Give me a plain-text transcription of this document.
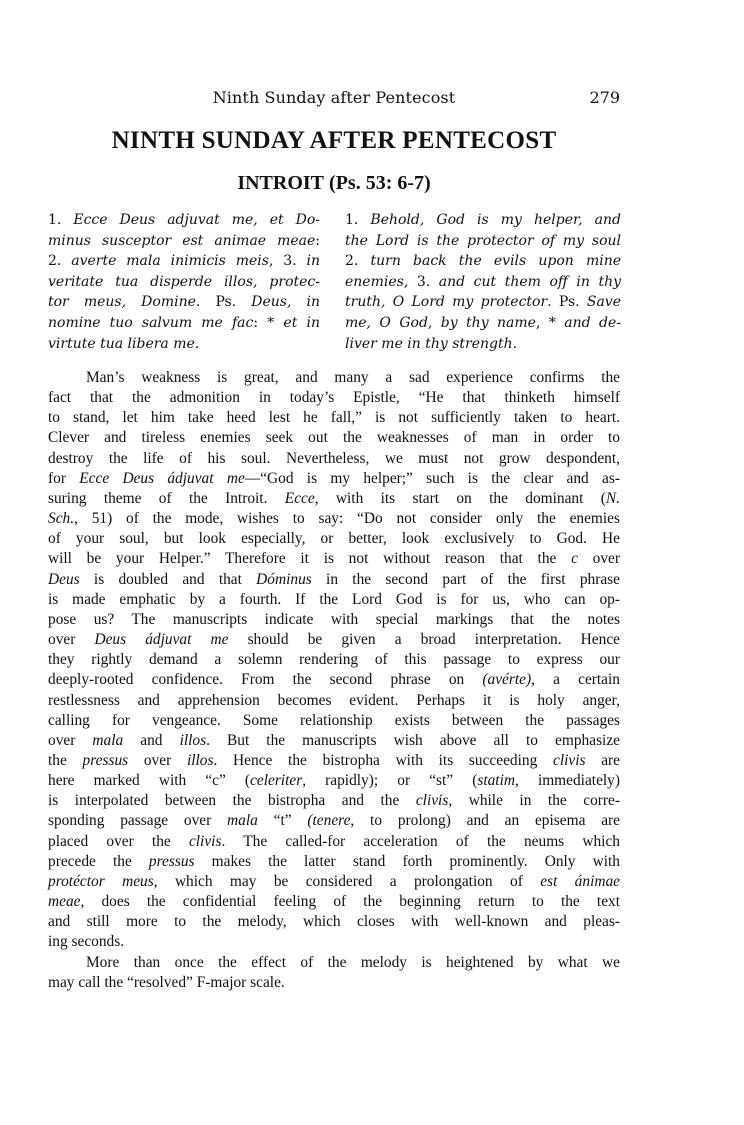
Ninth Sunday after Pentecost	279
NINTH SUNDAY AFTER PENTECOST
INTROIT (Ps. 53: 6-7)
1. Ecce Deus adjuvat me, et Do-
minus susceptor est animae meae:
2. averte mala inimicis meis, 3. in
veritate tua disperde illos, protec-
tor meus, Domine. Ps. Deus, in
nomine tuo salvum me fac: * et in
virtute tua libera me.
1. Behold, God is my helper, and
the Lord is the protector of my soul
2. turn back the evils upon mine
enemies, 3. and cut them off in thy
truth, O Lord my protector. Ps. Save
me, O God, by thy name, * and de-
liver me in thy strength.
Man’s weakness is great, and many a sad experience confirms the
fact that the admonition in today’s Epistle, “He that thinketh himself
to stand, let him take heed lest he fall,” is not sufficiently taken to heart.
Clever and tireless enemies seek out the weaknesses of man in order to
destroy the life of his soul. Nevertheless, we must not grow despondent,
for Ecce Deus ádjuvat me—“God is my helper;” such is the clear and as-
suring theme of the Introit. Ecce, with its start on the dominant (N.
Sch., 51) of the mode, wishes to say: “Do not consider only the enemies
of your soul, but look especially, or better, look exclusively to God. He
will be your Helper.” Therefore it is not without reason that the c over
Deus is doubled and that Dóminus in the second part of the first phrase
is made emphatic by a fourth. If the Lord God is for us, who can op-
pose us? The manuscripts indicate with special markings that the notes
over Deus ádjuvat me should be given a broad interpretation. Hence
they rightly demand a solemn rendering of this passage to express our
deeply-rooted confidence. From the second phrase on (avérte), a certain
restlessness and apprehension becomes evident. Perhaps it is holy anger,
calling for vengeance. Some relationship exists between the passages
over mala and illos. But the manuscripts wish above all to emphasize
the pressus over illos. Hence the bistropha with its succeeding clivis are
here marked with “c” (celeriter, rapidly); or “st” (statim, immediately)
is interpolated between the bistropha and the clivis, while in the corre-
sponding passage over mala “t” (tenere, to prolong) and an episema are
placed over the clivis. The called-for acceleration of the neums which
precede the pressus makes the latter stand forth prominently. Only with
protéctor meus, which may be considered a prolongation of est ánimae
meae, does the confidential feeling of the beginning return to the text
and still more to the melody, which closes with well-known and pleas-
ing seconds.
More than once the effect of the melody is heightened by what we
may call the “resolved” F-major scale.
